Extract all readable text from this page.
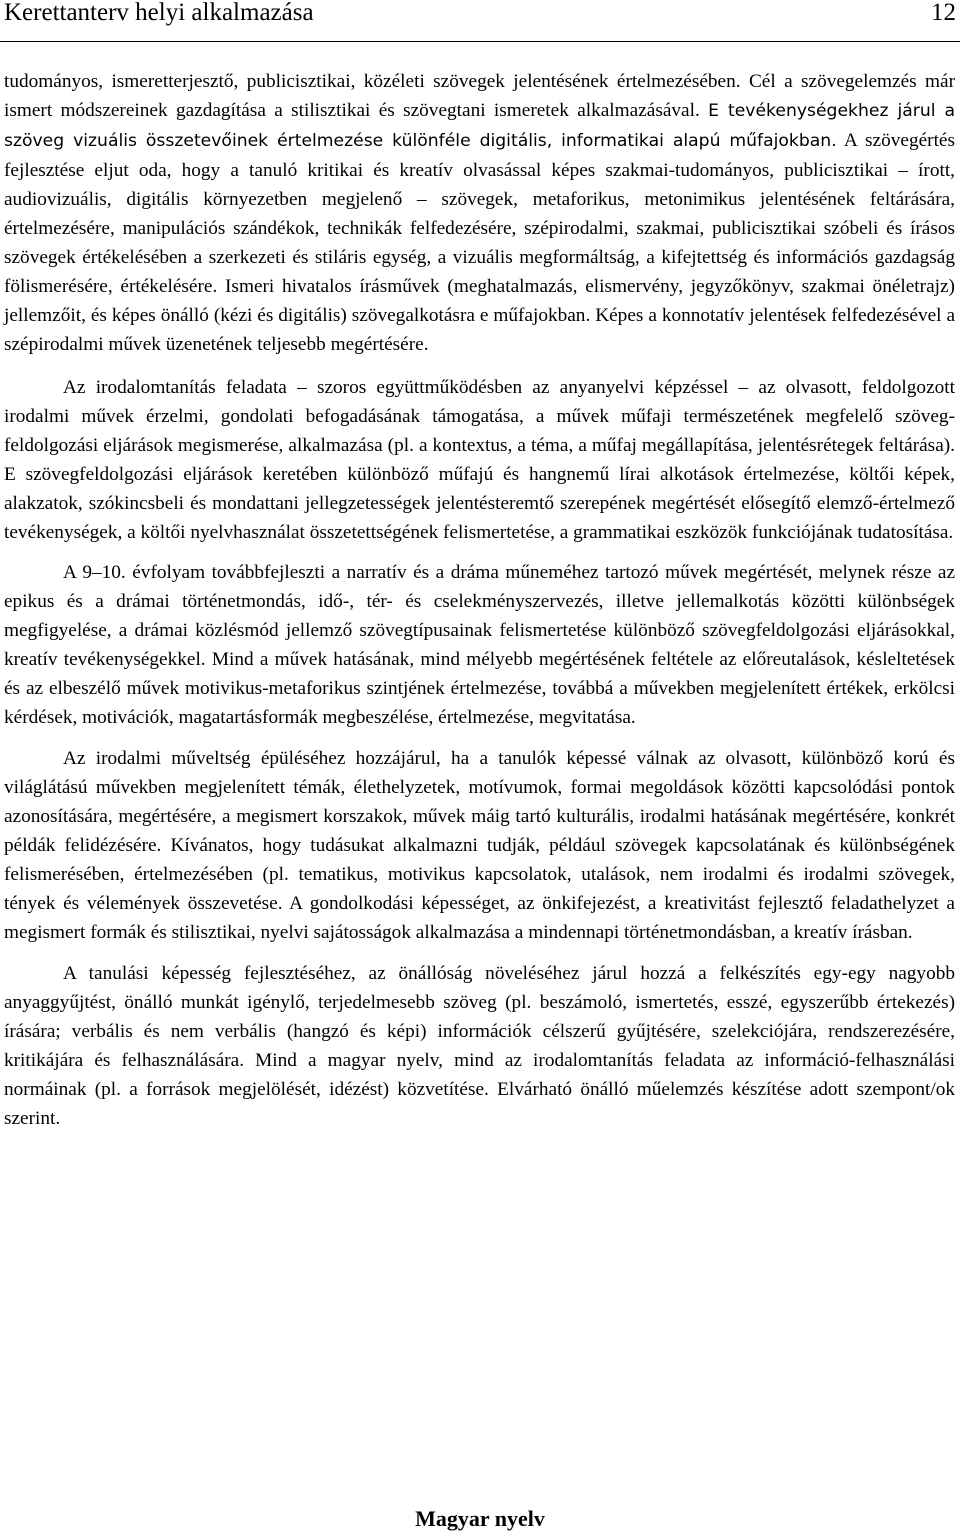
Kerettanterv helyi alkalmazása	12

tudományos, ismeretterjesztő, publicisztikai, közéleti szövegek jelentésének értelmezésében. Cél a szövegelemzés már ismert módszereinek gazdagítása a stilisztikai és szövegtani ismeretek alkalmazásával. E tevékenységekhez járul a szöveg vizuális összetevőinek értelmezése különféle digitális, informatikai alapú műfajokban. A szövegértés fejlesztése eljut oda, hogy a tanuló kritikai és kreatív olvasással képes szakmai-tudományos, publicisztikai – írott, audiovizuális, digitális környezetben megjelenő – szövegek, metaforikus, metonimikus jelentésének feltárására, értelmezésére, manipulációs szándékok, technikák felfedezésére, szépirodalmi, szakmai, publicisztikai szóbeli és írásos szövegek értékelésében a szerkezeti és stiláris egység, a vizuális megformáltság, a kifejtettség és információs gazdagság fölismerésére, értékelésére. Ismeri hivatalos írásművek (meghatalmazás, elismervény, jegyzőkönyv, szakmai önéletrajz) jellemzőit, és képes önálló (kézi és digitális) szövegalkotásra e műfajokban. Képes a konnotatív jelentések felfedezésével a szépirodalmi művek üzenetének teljesebb megértésére.

Az irodalomtanítás feladata – szoros együttműködésben az anyanyelvi képzéssel – az olvasott, feldolgozott irodalmi művek érzelmi, gondolati befogadásának támogatása, a művek műfaji természetének megfelelő szöveg-feldolgozási eljárások megismerése, alkalmazása (pl. a kontextus, a téma, a műfaj megállapítása, jelentésrétegek feltárása). E szövegfeldolgozási eljárások keretében különböző műfajú és hangnemű lírai alkotások értelmezése, költői képek, alakzatok, szókincsbeli és mondattani jellegzetességek jelentésteremtő szerepének megértését elősegítő elemző-értelmező tevékenységek, a költői nyelvhasználat összetettségének felismertetése, a grammatikai eszközök funkciójának tudatosítása.

A 9–10. évfolyam továbbfejleszti a narratív és a dráma műneméhez tartozó művek megértését, melynek része az epikus és a drámai történetmondás, idő-, tér- és cselekményszervezés, illetve jellemalkotás közötti különbségek megfigyelése, a drámai közlésmód jellemző szövegtípusainak felismertetése különböző szövegfeldolgozási eljárásokkal, kreatív tevékenységekkel. Mind a művek hatásának, mind mélyebb megértésének feltétele az előreutalások, késleltetések és az elbeszélő művek motivikus-metaforikus szintjének értelmezése, továbbá a művekben megjelenített értékek, erkölcsi kérdések, motivációk, magatartásformák megbeszélése, értelmezése, megvitatása.

Az irodalmi műveltség épüléséhez hozzájárul, ha a tanulók képessé válnak az olvasott, különböző korú és világlátású művekben megjelenített témák, élethelyzetek, motívumok, formai megoldások közötti kapcsolódási pontok azonosítására, megértésére, a megismert korszakok, művek máig tartó kulturális, irodalmi hatásának megértésére, konkrét példák felidézésére. Kívánatos, hogy tudásukat alkalmazni tudják, például szövegek kapcsolatának és különbségének felismerésében, értelmezésében (pl. tematikus, motivikus kapcsolatok, utalások, nem irodalmi és irodalmi szövegek, tények és vélemények összevetése. A gondolkodási képességet, az önkifejezést, a kreativitást fejlesztő feladathelyzet a megismert formák és stilisztikai, nyelvi sajátosságok alkalmazása a mindennapi történetmondásban, a kreatív írásban.

A tanulási képesség fejlesztéséhez, az önállóság növeléséhez járul hozzá a felkészítés egy-egy nagyobb anyaggyűjtést, önálló munkát igénylő, terjedelmesebb szöveg (pl. beszámoló, ismertetés, esszé, egyszerűbb értekezés) írására; verbális és nem verbális (hangzó és képi) információk célszerű gyűjtésére, szelekciójára, rendszerezésére, kritikájára és felhasználására. Mind a magyar nyelv, mind az irodalomtanítás feladata az információ-felhasználási normáinak (pl. a források megjelölését, idézést) közvetítése. Elvárható önálló műelemzés készítése adott szempont/ok szerint.

Magyar nyelv
